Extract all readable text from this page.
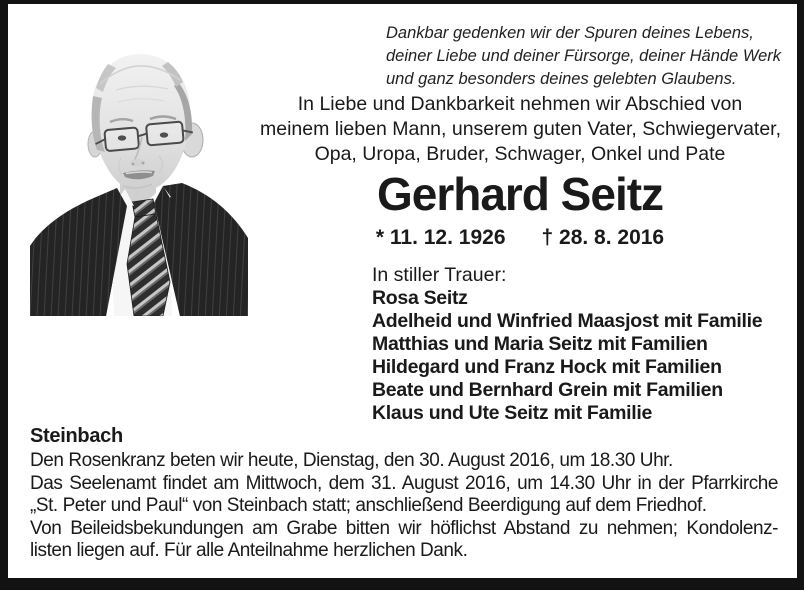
Dankbar gedenken wir der Spuren deines Lebens,
deiner Liebe und deiner Fürsorge, deiner Hände Werk
und ganz besonders deines gelebten Glaubens.
In Liebe und Dankbarkeit nehmen wir Abschied von
meinem lieben Mann, unserem guten Vater, Schwiegervater,
Opa, Uropa, Bruder, Schwager, Onkel und Pate
Gerhard Seitz
* 11. 12. 1926 † 28. 8. 2016
In stiller Trauer:
Rosa Seitz
Adelheid und Winfried Maasjost mit Familie
Matthias und Maria Seitz mit Familien
Hildegard und Franz Hock mit Familien
Beate und Bernhard Grein mit Familien
Klaus und Ute Seitz mit Familie
Steinbach
Den Rosenkranz beten wir heute, Dienstag, den 30. August 2016, um 18.30 Uhr.
Das Seelenamt findet am Mittwoch, dem 31. August 2016, um 14.30 Uhr in der Pfarrkirche
„St. Peter und Paul“ von Steinbach statt; anschließend Beerdigung auf dem Friedhof.
Von Beileidsbekundungen am Grabe bitten wir höflichst Abstand zu nehmen; Kondolenz-
listen liegen auf. Für alle Anteilnahme herzlichen Dank.
